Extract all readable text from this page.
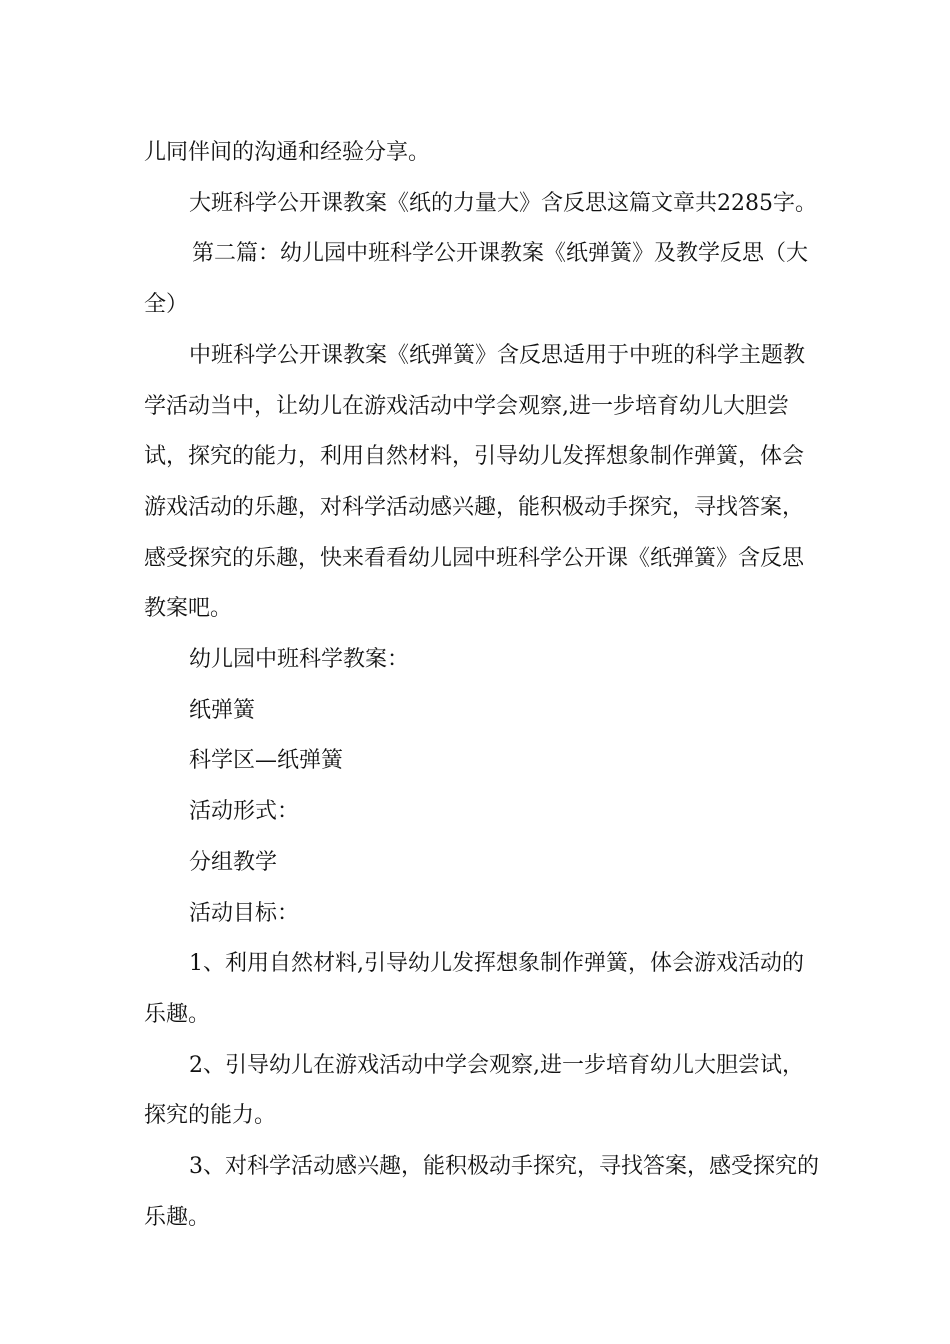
儿同伴间的沟通和经验分享。

大班科学公开课教案《纸的力量大》含反思这篇文章共2285字。

第二篇：幼儿园中班科学公开课教案《纸弹簧》及教学反思（大全）

中班科学公开课教案《纸弹簧》含反思适用于中班的科学主题教学活动当中，让幼儿在游戏活动中学会观察,进一步培育幼儿大胆尝试，探究的能力，利用自然材料，引导幼儿发挥想象制作弹簧，体会游戏活动的乐趣，对科学活动感兴趣，能积极动手探究，寻找答案，感受探究的乐趣，快来看看幼儿园中班科学公开课《纸弹簧》含反思教案吧。

幼儿园中班科学教案：

纸弹簧

科学区—纸弹簧

活动形式：

分组教学

活动目标：

1、利用自然材料,引导幼儿发挥想象制作弹簧，体会游戏活动的乐趣。

2、引导幼儿在游戏活动中学会观察,进一步培育幼儿大胆尝试，探究的能力。

3、对科学活动感兴趣，能积极动手探究，寻找答案，感受探究的乐趣。
